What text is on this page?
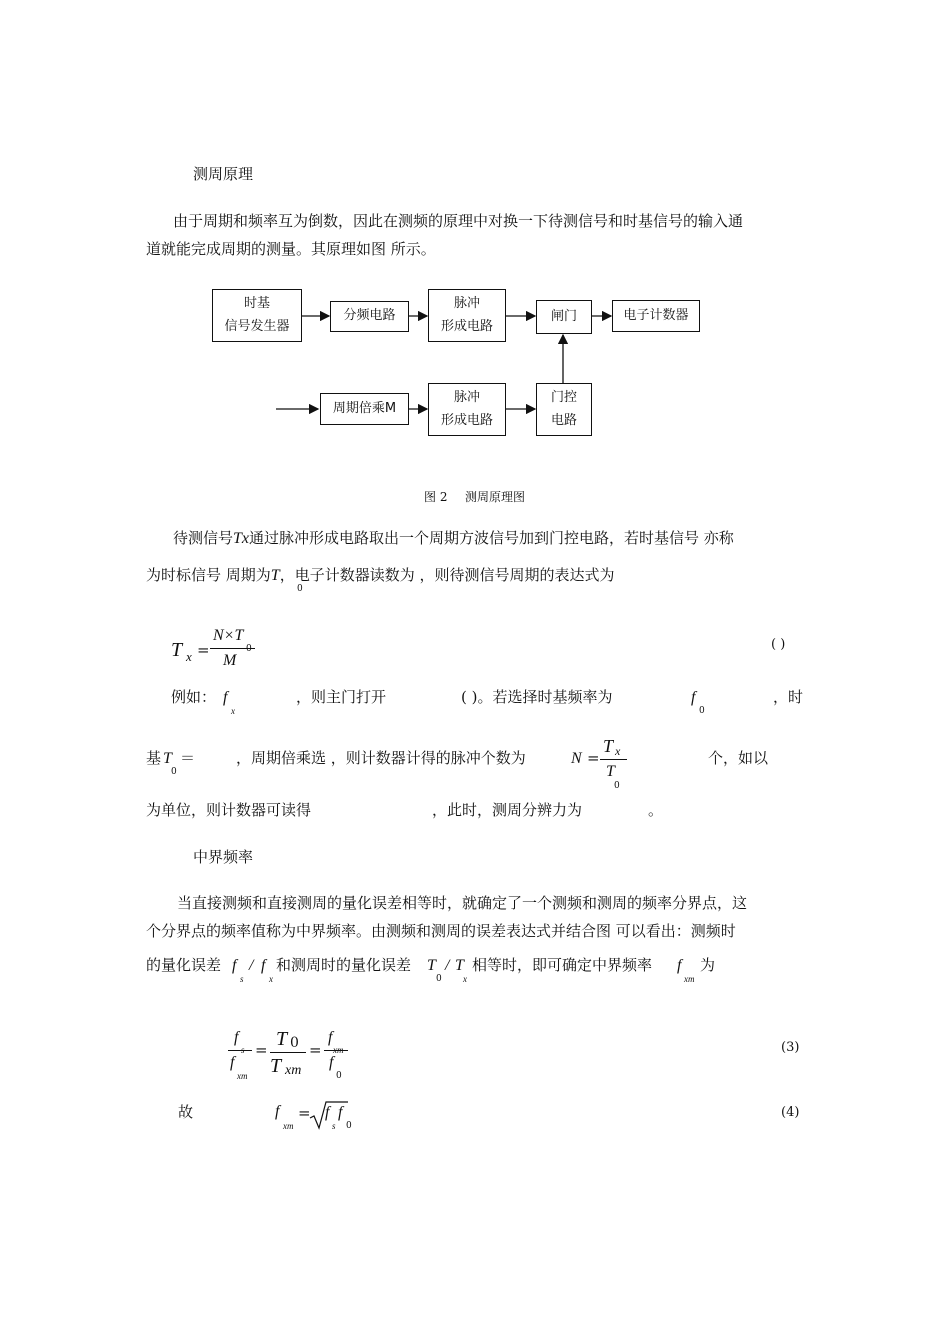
测周原理
由于周期和频率互为倒数，因此在测频的原理中对换一下待测信号和时基信号的输入通
道就能完成周期的测量。其原理如图 所示。
时基
信号发生器
分频电路
脉冲
形成电路
闸门	电子计数器
周期倍乘M
脉冲
形成电路
门控
电路
图 2 测周原理图
待测信号Tx通过脉冲形成电路取出一个周期方波信号加到门控电路，若时基信号 亦称
为时标信号 周期为T，电子计数器读数为 ，则待测信号周期的表达式为
0
T x =
N×T
0
M
( )
例如： f
x
，则主门打开	( )。若选择时基频率为	f
0
，时
基 T
0
＝	，周期倍乘选 ，则计数器计得的脉冲个数为	N =
T x
T
0
个，如以
为单位，则计数器可读得	，此时，测周分辨力为	。
中界频率
当直接测频和直接测周的量化误差相等时，就确定了一个测频和测周的频率分界点，这
个分界点的频率值称为中界频率。由测频和测周的误差表达式并结合图 可以看出：测频时
的量化误差 f
s
/ f
x
和测周时的量化误差 T
0
/ T
x
相等时，即可确定中界频率 f
xm
为
f
s
f
xm
= T 0
T xm
=
f
xm
f
0
(3)
故	f
xm
= f
s
f
0
(4)
